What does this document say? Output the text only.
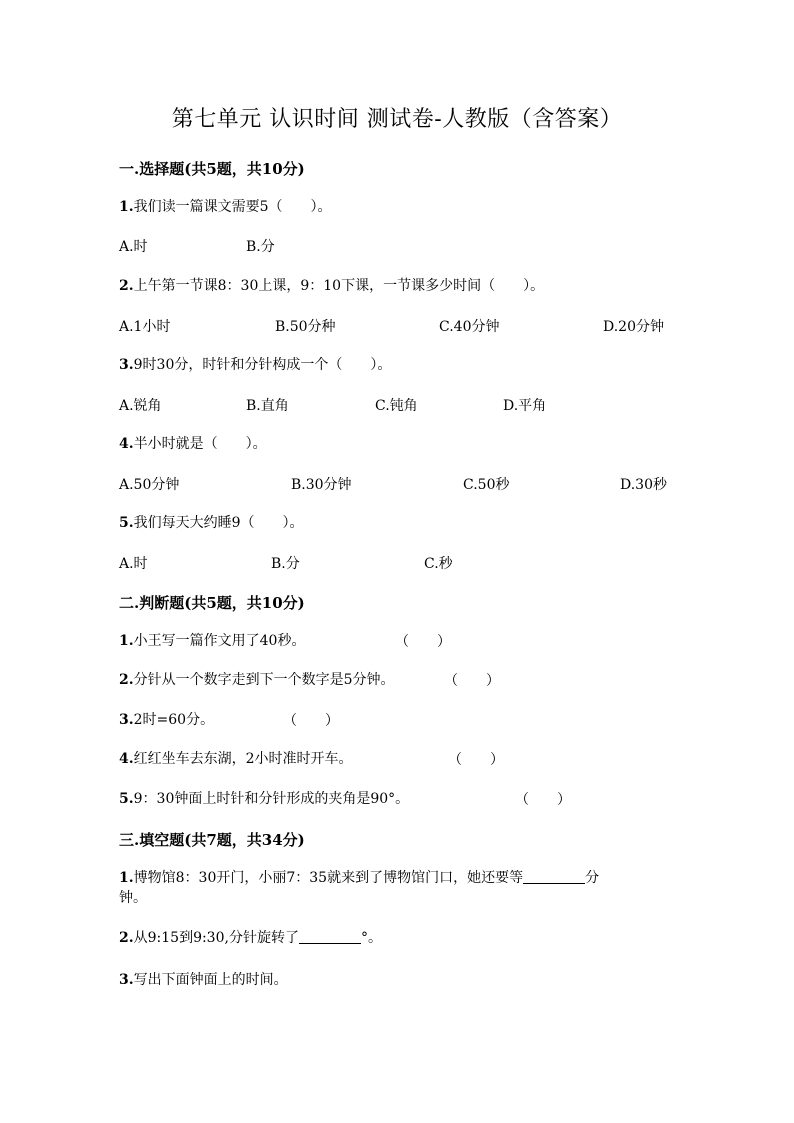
第七单元 认识时间 测试卷-人教版（含答案）
一.选择题(共5题，共10分)
1.我们读一篇课文需要5（　　）。
A.时	B.分
2.上午第一节课8：30上课，9：10下课，一节课多少时间（　　）。
A.1小时	B.50分种	C.40分钟	D.20分钟
3.9时30分，时针和分针构成一个（　　）。
A.锐角	B.直角	C.钝角	D.平角
4.半小时就是（　　）。
A.50分钟	B.30分钟	C.50秒	D.30秒
5.我们每天大约睡9（　　）。
A.时	B.分	C.秒
二.判断题(共5题，共10分)
1.小王写一篇作文用了40秒。	（　　）
2.分针从一个数字走到下一个数字是5分钟。	（　　）
3.2时=60分。	（　　）
4.红红坐车去东湖，2小时准时开车。	（　　）
5.9：30钟面上时针和分针形成的夹角是90°。	（　　）
三.填空题(共7题，共34分)
1.博物馆8：30开门，小丽7：35就来到了博物馆门口，她还要等	分
钟。
2.从9:15到9:30,分针旋转了	°。
3.写出下面钟面上的时间。
